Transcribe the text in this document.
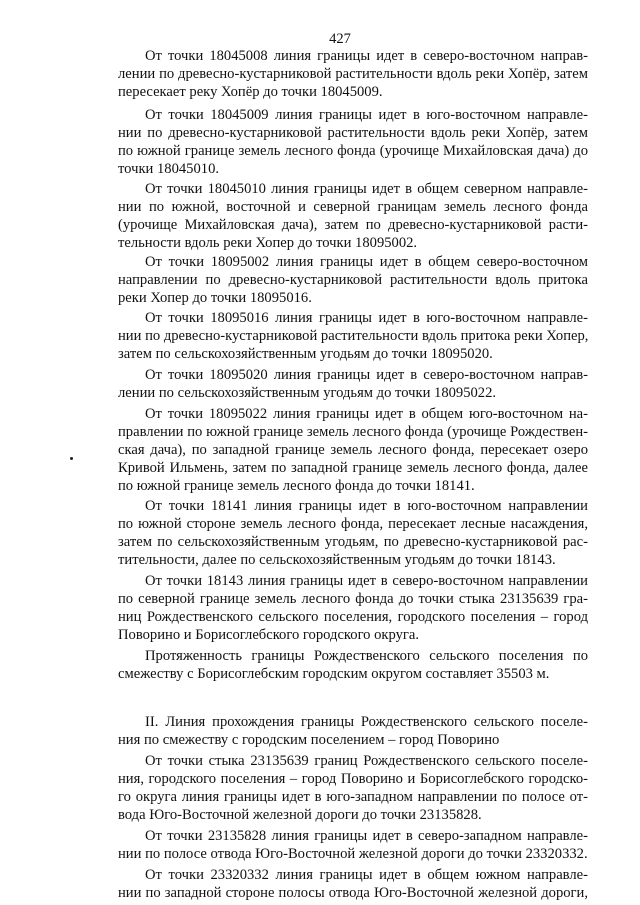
427
От точки 18045008 линия границы идет в северо-восточном направ-
лении по древесно-кустарниковой растительности вдоль реки Хопёр, затем
пересекает реку Хопёр до точки 18045009.
От точки 18045009 линия границы идет в юго-восточном направле-
нии по древесно-кустарниковой растительности вдоль реки Хопёр, затем
по южной границе земель лесного фонда (урочище Михайловская дача) до
точки 18045010.
От точки 18045010 линия границы идет в общем северном направле-
нии по южной, восточной и северной границам земель лесного фонда
(урочище Михайловская дача), затем по древесно-кустарниковой расти-
тельности вдоль реки Хопер до точки 18095002.
От точки 18095002 линия границы идет в общем северо-восточном
направлении по древесно-кустарниковой растительности вдоль притока
реки Хопер до точки 18095016.
От точки 18095016 линия границы идет в юго-восточном направле-
нии по древесно-кустарниковой растительности вдоль притока реки Хопер,
затем по сельскохозяйственным угодьям до точки 18095020.
От точки 18095020 линия границы идет в северо-восточном направ-
лении по сельскохозяйственным угодьям до точки 18095022.
От точки 18095022 линия границы идет в общем юго-восточном на-
правлении по южной границе земель лесного фонда (урочище Рождествен-
ская дача), по западной границе земель лесного фонда, пересекает озеро
Кривой Ильмень, затем по западной границе земель лесного фонда, далее
по южной границе земель лесного фонда до точки 18141.
От точки 18141 линия границы идет в юго-восточном направлении
по южной стороне земель лесного фонда, пересекает лесные насаждения,
затем по сельскохозяйственным угодьям, по древесно-кустарниковой рас-
тительности, далее по сельскохозяйственным угодьям до точки 18143.
От точки 18143 линия границы идет в северо-восточном направлении
по северной границе земель лесного фонда до точки стыка 23135639 гра-
ниц Рождественского сельского поселения, городского поселения – город
Поворино и Борисоглебского городского округа.
Протяженность границы Рождественского сельского поселения по
смежеству с Борисоглебским городским округом составляет 35503 м.
II. Линия прохождения границы Рождественского сельского поселе-
ния по смежеству с городским поселением – город Поворино
От точки стыка 23135639 границ Рождественского сельского поселе-
ния, городского поселения – город Поворино и Борисоглебского городско-
го округа линия границы идет в юго-западном направлении по полосе от-
вода Юго-Восточной железной дороги до точки 23135828.
От точки 23135828 линия границы идет в северо-западном направле-
нии по полосе отвода Юго-Восточной железной дороги до точки 23320332.
От точки 23320332 линия границы идет в общем южном направле-
нии по западной стороне полосы отвода Юго-Восточной железной дороги,
